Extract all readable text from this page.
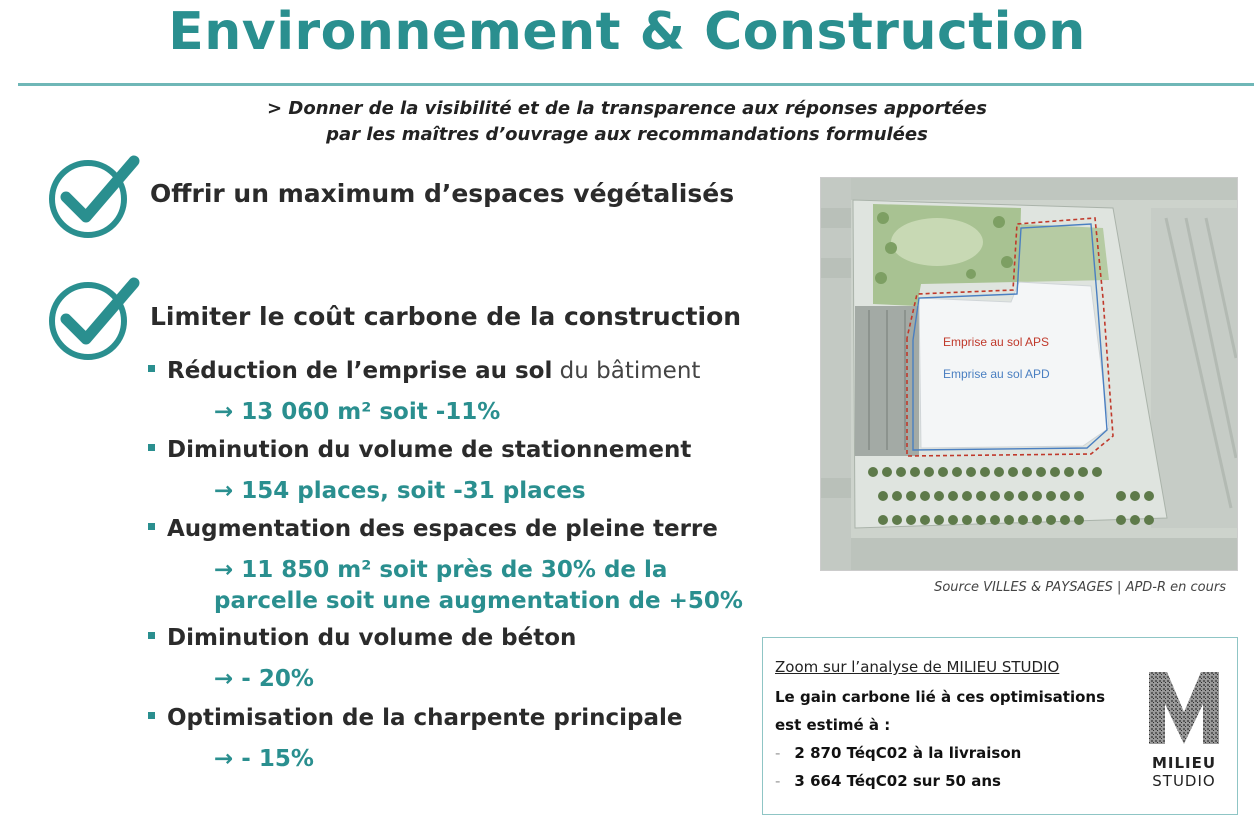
Environnement & Construction
> Donner de la visibilité et de la transparence aux réponses apportées
par les maîtres d’ouvrage aux recommandations formulées
Offrir un maximum d’espaces végétalisés
Limiter le coût carbone de la construction
Réduction de l’emprise au sol du bâtiment
→ 13 060 m² soit -11%
Diminution du volume de stationnement
→ 154 places, soit -31 places
Augmentation des espaces de pleine terre
→ 11 850 m² soit près de 30% de la
parcelle soit une augmentation de +50%
Diminution du volume de béton
→ - 20%
Optimisation de la charpente principale
→ - 15%
Emprise au sol APS
Emprise au sol APD
Source VILLES & PAYSAGES | APD-R en cours
Zoom sur l’analyse de MILIEU STUDIO
Le gain carbone lié à ces optimisations
est estimé à :
- 2 870 TéqC02 à la livraison
- 3 664 TéqC02 sur 50 ans
MILIEU
STUDIO
